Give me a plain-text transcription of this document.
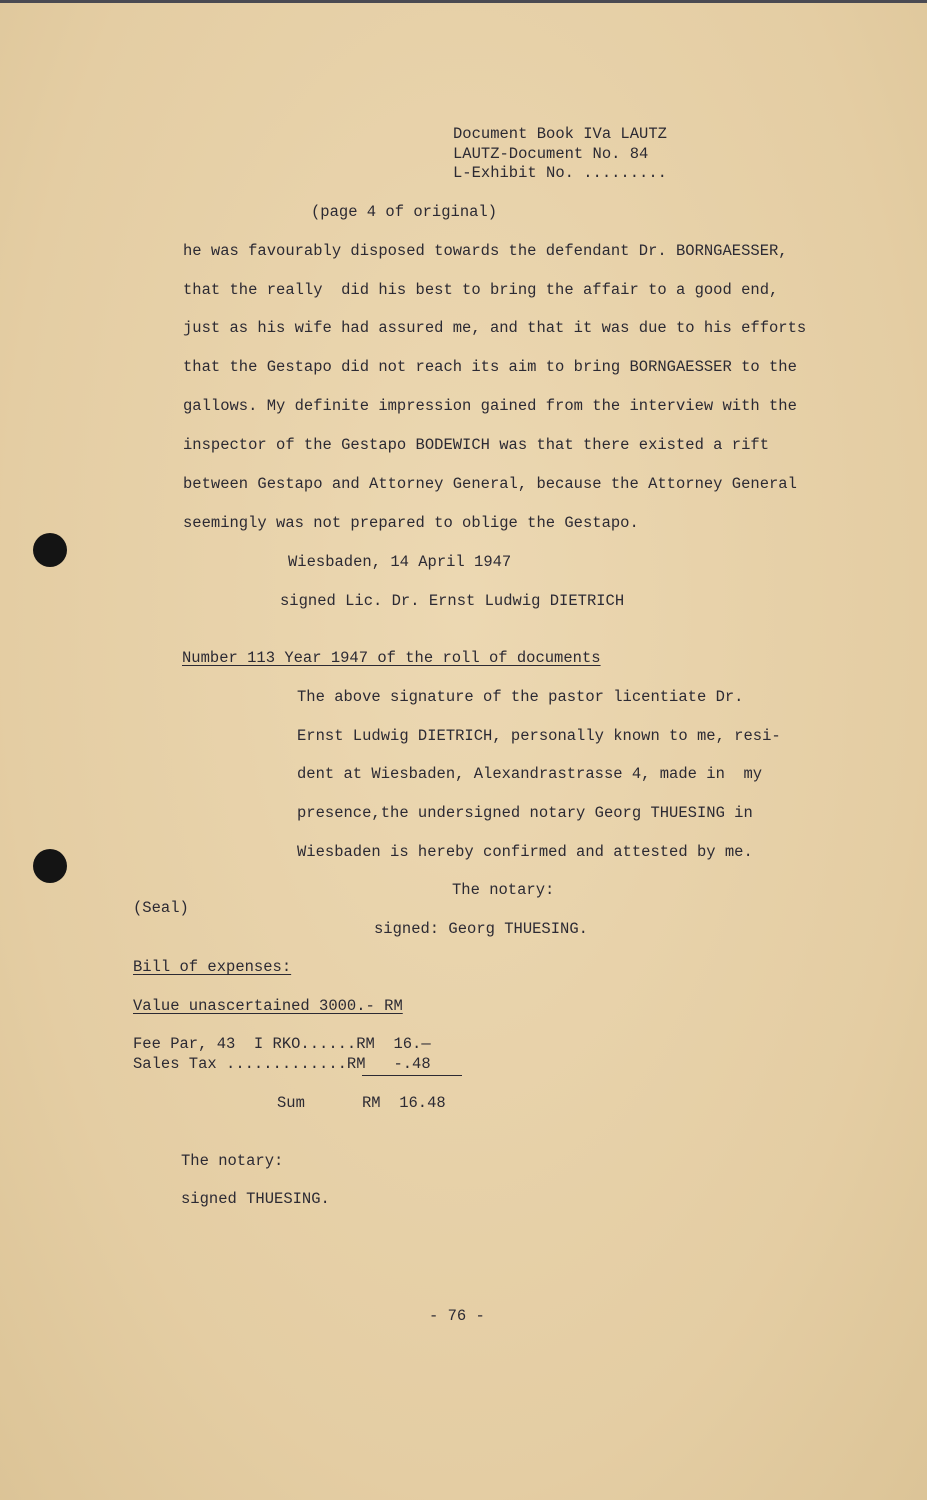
Document Book IVa LAUTZ
LAUTZ-Document No. 84
L-Exhibit No. .........
(page 4 of original)
he was favourably disposed towards the defendant Dr. BORNGAESSER,
that the really  did his best to bring the affair to a good end,
just as his wife had assured me, and that it was due to his efforts
that the Gestapo did not reach its aim to bring BORNGAESSER to the
gallows. My definite impression gained from the interview with the
inspector of the Gestapo BODEWICH was that there existed a rift
between Gestapo and Attorney General, because the Attorney General
seemingly was not prepared to oblige the Gestapo.
Wiesbaden, 14 April 1947
signed Lic. Dr. Ernst Ludwig DIETRICH
Number 113 Year 1947 of the roll of documents
The above signature of the pastor licentiate Dr.
Ernst Ludwig DIETRICH, personally known to me, resi-
dent at Wiesbaden, Alexandrastrasse 4, made in  my
presence,the undersigned notary Georg THUESING in
Wiesbaden is hereby confirmed and attested by me.
The notary:
(Seal)
signed: Georg THUESING.
Bill of expenses:
Value unascertained 3000.- RM
Fee Par, 43  I RKO......RM  16.—
Sales Tax .............RM   -.48
Sum	RM  16.48
The notary:
signed THUESING.
- 76 -
